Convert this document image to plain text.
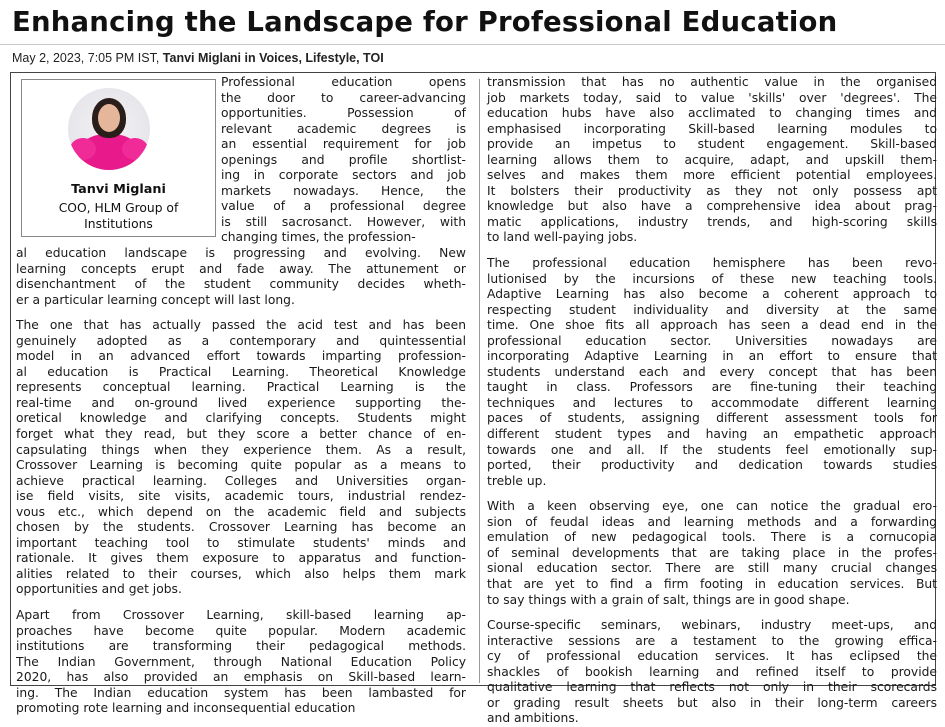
Enhancing the Landscape for Professional Education
May 2, 2023, 7:05 PM IST, Tanvi Miglani in Voices, Lifestyle, TOI
Tanvi Miglani
COO, HLM Group of
Institutions
Professional education opens
the door to career-advancing
opportunities. Possession of
relevant academic degrees is
an essential requirement for job
openings and profile shortlist-
ing in corporate sectors and job
markets nowadays. Hence, the
value of a professional degree
is still sacrosanct. However, with
changing times, the profession-
al education landscape is progressing and evolving. New
learning concepts erupt and fade away. The attunement or
disenchantment of the student community decides wheth-
er a particular learning concept will last long.
The one that has actually passed the acid test and has been
genuinely adopted as a contemporary and quintessential
model in an advanced effort towards imparting profession-
al education is Practical Learning. Theoretical Knowledge
represents conceptual learning. Practical Learning is the
real-time and on-ground lived experience supporting the-
oretical knowledge and clarifying concepts. Students might
forget what they read, but they score a better chance of en-
capsulating things when they experience them. As a result,
Crossover Learning is becoming quite popular as a means to
achieve practical learning. Colleges and Universities organ-
ise field visits, site visits, academic tours, industrial rendez-
vous etc., which depend on the academic field and subjects
chosen by the students. Crossover Learning has become an
important teaching tool to stimulate students' minds and
rationale. It gives them exposure to apparatus and function-
alities related to their courses, which also helps them mark
opportunities and get jobs.
Apart from Crossover Learning, skill-based learning ap-
proaches have become quite popular. Modern academic
institutions are transforming their pedagogical methods.
The Indian Government, through National Education Policy
2020, has also provided an emphasis on Skill-based learn-
ing. The Indian education system has been lambasted for
promoting rote learning and inconsequential education
transmission that has no authentic value in the organised
job markets today, said to value 'skills' over 'degrees'. The
education hubs have also acclimated to changing times and
emphasised incorporating Skill-based learning modules to
provide an impetus to student engagement. Skill-based
learning allows them to acquire, adapt, and upskill them-
selves and makes them more efficient potential employees.
It bolsters their productivity as they not only possess apt
knowledge but also have a comprehensive idea about prag-
matic applications, industry trends, and high-scoring skills
to land well-paying jobs.
The professional education hemisphere has been revo-
lutionised by the incursions of these new teaching tools.
Adaptive Learning has also become a coherent approach to
respecting student individuality and diversity at the same
time. One shoe fits all approach has seen a dead end in the
professional education sector. Universities nowadays are
incorporating Adaptive Learning in an effort to ensure that
students understand each and every concept that has been
taught in class. Professors are fine-tuning their teaching
techniques and lectures to accommodate different learning
paces of students, assigning different assessment tools for
different student types and having an empathetic approach
towards one and all. If the students feel emotionally sup-
ported, their productivity and dedication towards studies
treble up.
With a keen observing eye, one can notice the gradual ero-
sion of feudal ideas and learning methods and a forwarding
emulation of new pedagogical tools. There is a cornucopia
of seminal developments that are taking place in the profes-
sional education sector. There are still many crucial changes
that are yet to find a firm footing in education services. But
to say things with a grain of salt, things are in good shape.
Course-specific seminars, webinars, industry meet-ups, and
interactive sessions are a testament to the growing effica-
cy of professional education services. It has eclipsed the
shackles of bookish learning and refined itself to provide
qualitative learning that reflects not only in their scorecards
or grading result sheets but also in their long-term careers
and ambitions.
